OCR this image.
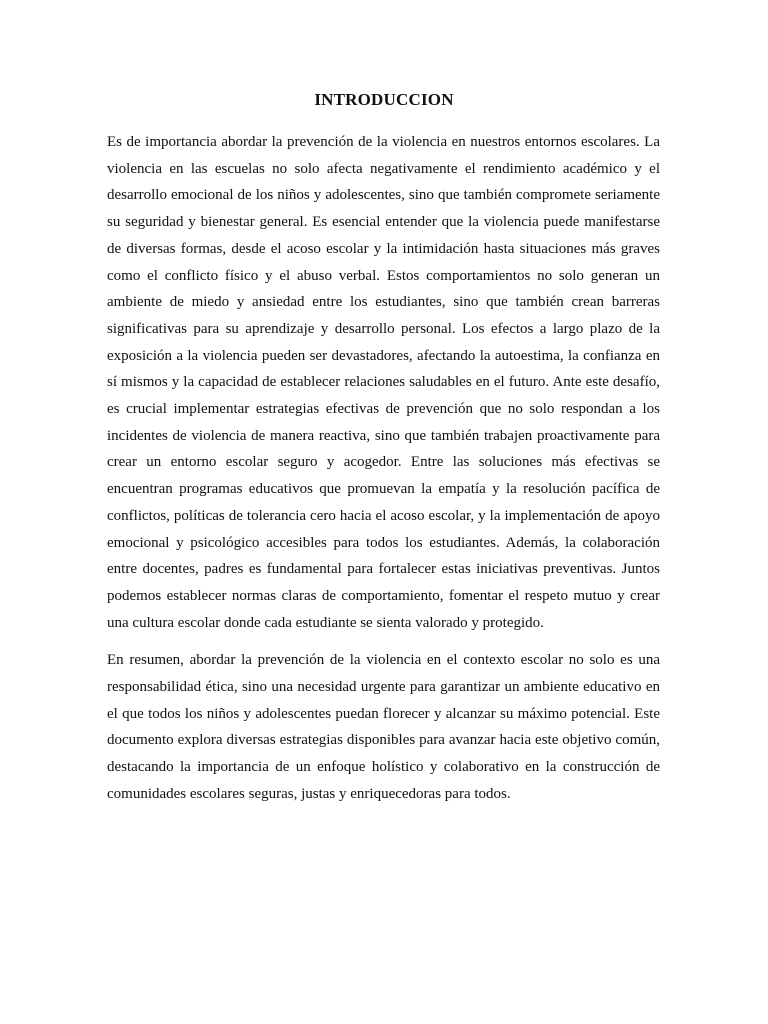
INTRODUCCION

Es de importancia abordar la prevención de la violencia en nuestros entornos escolares. La violencia en las escuelas no solo afecta negativamente el rendimiento académico y el desarrollo emocional de los niños y adolescentes, sino que también compromete seriamente su seguridad y bienestar general. Es esencial entender que la violencia puede manifestarse de diversas formas, desde el acoso escolar y la intimidación hasta situaciones más graves como el conflicto físico y el abuso verbal. Estos comportamientos no solo generan un ambiente de miedo y ansiedad entre los estudiantes, sino que también crean barreras significativas para su aprendizaje y desarrollo personal. Los efectos a largo plazo de la exposición a la violencia pueden ser devastadores, afectando la autoestima, la confianza en sí mismos y la capacidad de establecer relaciones saludables en el futuro. Ante este desafío, es crucial implementar estrategias efectivas de prevención que no solo respondan a los incidentes de violencia de manera reactiva, sino que también trabajen proactivamente para crear un entorno escolar seguro y acogedor. Entre las soluciones más efectivas se encuentran programas educativos que promuevan la empatía y la resolución pacífica de conflictos, políticas de tolerancia cero hacia el acoso escolar, y la implementación de apoyo emocional y psicológico accesibles para todos los estudiantes. Además, la colaboración entre docentes, padres es fundamental para fortalecer estas iniciativas preventivas. Juntos podemos establecer normas claras de comportamiento, fomentar el respeto mutuo y crear una cultura escolar donde cada estudiante se sienta valorado y protegido.

En resumen, abordar la prevención de la violencia en el contexto escolar no solo es una responsabilidad ética, sino una necesidad urgente para garantizar un ambiente educativo en el que todos los niños y adolescentes puedan florecer y alcanzar su máximo potencial. Este documento explora diversas estrategias disponibles para avanzar hacia este objetivo común, destacando la importancia de un enfoque holístico y colaborativo en la construcción de comunidades escolares seguras, justas y enriquecedoras para todos.
